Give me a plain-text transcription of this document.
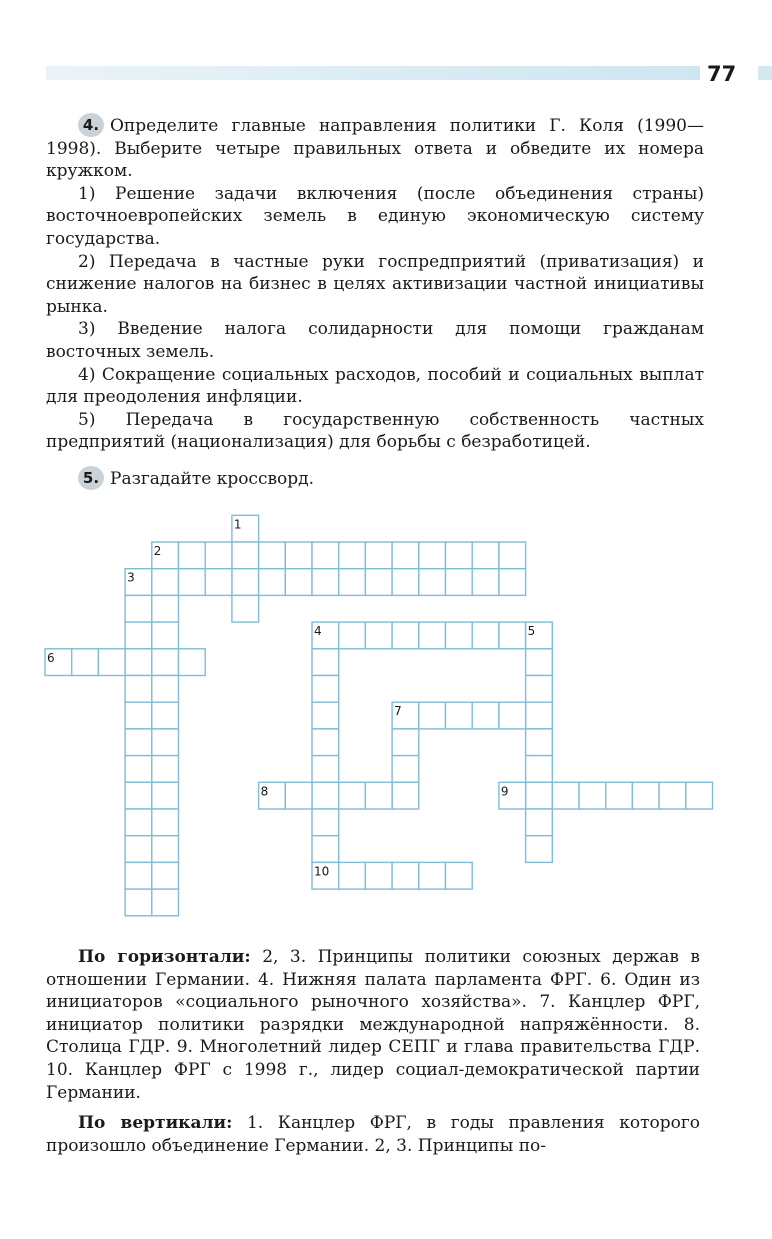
77

4. Определите главные направления политики Г. Коля (1990—1998). Выберите четыре правильных ответа и обведите их номера кружком.

1) Решение задачи включения (после объединения страны) восточноевропейских земель в единую экономическую систему государства.

2) Передача в частные руки госпредприятий (приватизация) и снижение налогов на бизнес в целях активизации частной инициативы рынка.

3) Введение налога солидарности для помощи гражданам восточных земель.

4) Сокращение социальных расходов, пособий и социальных выплат для преодоления инфляции.

5) Передача в государственную собственность частных предприятий (национализация) для борьбы с безработицей.

5. Разгадайте кроссворд.

1
2
3
4	5
6
7
8	9
10

По горизонтали: 2, 3. Принципы политики союзных держав в отношении Германии. 4. Нижняя палата парламента ФРГ. 6. Один из инициаторов «социального рыночного хозяйства». 7. Канцлер ФРГ, инициатор политики разрядки международной напряжённости. 8. Столица ГДР. 9. Многолетний лидер СЕПГ и глава правительства ГДР. 10. Канцлер ФРГ с 1998 г., лидер социал-демократической партии Германии.

По вертикали: 1. Канцлер ФРГ, в годы правления которого произошло объединение Германии. 2, 3. Принципы по-
